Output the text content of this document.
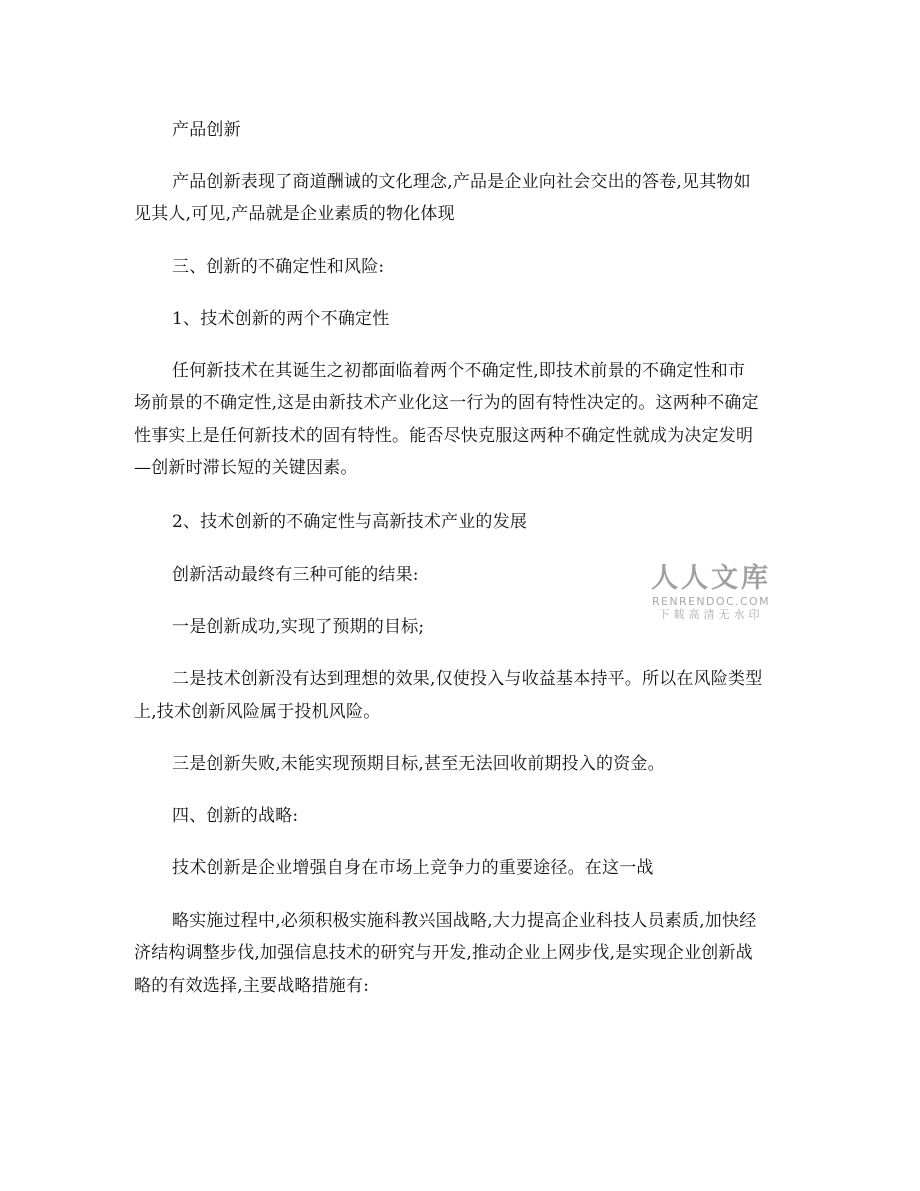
产品创新
产品创新表现了商道酬诚的文化理念,产品是企业向社会交出的答卷,见其物如
见其人,可见,产品就是企业素质的物化体现
三、创新的不确定性和风险:
1、技术创新的两个不确定性
任何新技术在其诞生之初都面临着两个不确定性,即技术前景的不确定性和市
场前景的不确定性,这是由新技术产业化这一行为的固有特性决定的。这两种不确定
性事实上是任何新技术的固有特性。能否尽快克服这两种不确定性就成为决定发明
—创新时滞长短的关键因素。
2、技术创新的不确定性与高新技术产业的发展
创新活动最终有三种可能的结果:
一是创新成功,实现了预期的目标;
二是技术创新没有达到理想的效果,仅使投入与收益基本持平。所以在风险类型
上,技术创新风险属于投机风险。
三是创新失败,未能实现预期目标,甚至无法回收前期投入的资金。
四、创新的战略:
技术创新是企业增强自身在市场上竞争力的重要途径。在这一战
略实施过程中,必须积极实施科教兴国战略,大力提高企业科技人员素质,加快经
济结构调整步伐,加强信息技术的研究与开发,推动企业上网步伐,是实现企业创新战
略的有效选择,主要战略措施有:
人人文库
RENRENDOC.COM
下载高清无水印
